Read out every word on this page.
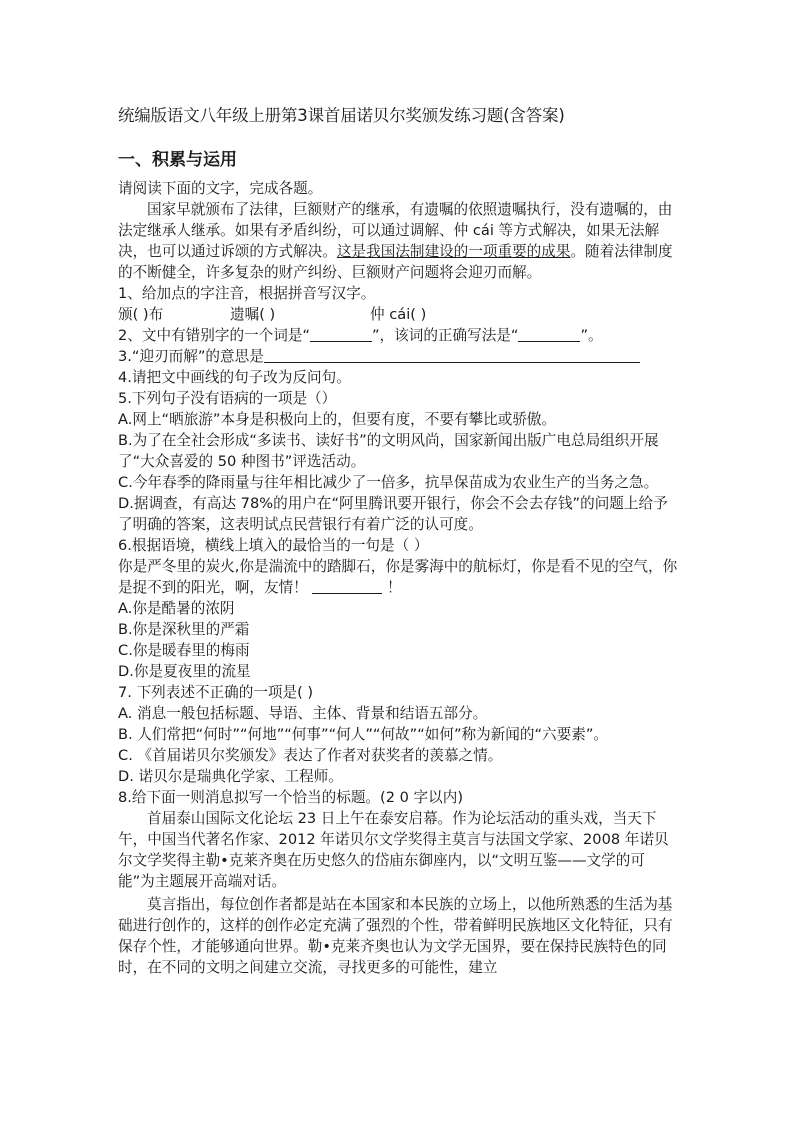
统编版语文八年级上册第3课首届诺贝尔奖颁发练习题(含答案)

一、积累与运用

请阅读下面的文字，完成各题。

国家早就颁布了法律，巨额财产的继承，有遗嘱的依照遗嘱执行，没有遗嘱的，由法定继承人继承。如果有矛盾纠纷，可以通过调解、仲 cái 等方式解决，如果无法解决，也可以通过诉颂的方式解决。这是我国法制建设的一项重要的成果。随着法律制度的不断健全，许多复杂的财产纠纷、巨额财产问题将会迎刃而解。

1、给加点的字注音，根据拼音写汉字。

颁( )布	遗嘱( )	仲 cái( )

2、文中有错别字的一个词是“	”，该词的正确写法是“	”。

3.“迎刃而解”的意思是

4.请把文中画线的句子改为反问句。

5.下列句子没有语病的一项是（）

A.网上“晒旅游”本身是积极向上的，但要有度，不要有攀比或骄傲。

B.为了在全社会形成“多读书、读好书”的文明风尚，国家新闻出版广电总局组织开展了“大众喜爱的 50 种图书”评选活动。

C.今年春季的降雨量与往年相比减少了一倍多，抗旱保苗成为农业生产的当务之急。

D.据调查，有高达 78%的用户在“阿里腾讯要开银行，你会不会去存钱”的问题上给予了明确的答案，这表明试点民营银行有着广泛的认可度。

6.根据语境，横线上填入的最恰当的一句是（ ）

你是严冬里的炭火,你是湍流中的踏脚石，你是雾海中的航标灯，你是看不见的空气，你是捉不到的阳光，啊，友情！	！

A.你是酷暑的浓阴

B.你是深秋里的严霜

C.你是暖春里的梅雨

D.你是夏夜里的流星

7. 下列表述不正确的一项是( )

A. 消息一般包括标题、导语、主体、背景和结语五部分。

B. 人们常把“何时”“何地”“何事”“何人”“何故”“如何”称为新闻的“六要素”。

C. 《首届诺贝尔奖颁发》表达了作者对获奖者的羡慕之情。

D. 诺贝尔是瑞典化学家、工程师。

8.给下面一则消息拟写一个恰当的标题。(2 0 字以内)

首届泰山国际文化论坛 23 日上午在泰安启幕。作为论坛活动的重头戏，当天下午，中国当代著名作家、2012 年诺贝尔文学奖得主莫言与法国文学家、2008 年诺贝尔文学奖得主勒•克莱齐奥在历史悠久的岱庙东御座内，以“文明互鉴——文学的可能”为主题展开高端对话。

莫言指出，每位创作者都是站在本国家和本民族的立场上，以他所熟悉的生活为基础进行创作的，这样的创作必定充满了强烈的个性，带着鲜明民族地区文化特征，只有保存个性，才能够通向世界。勒•克莱齐奥也认为文学无国界，要在保持民族特色的同时，在不同的文明之间建立交流，寻找更多的可能性，建立
